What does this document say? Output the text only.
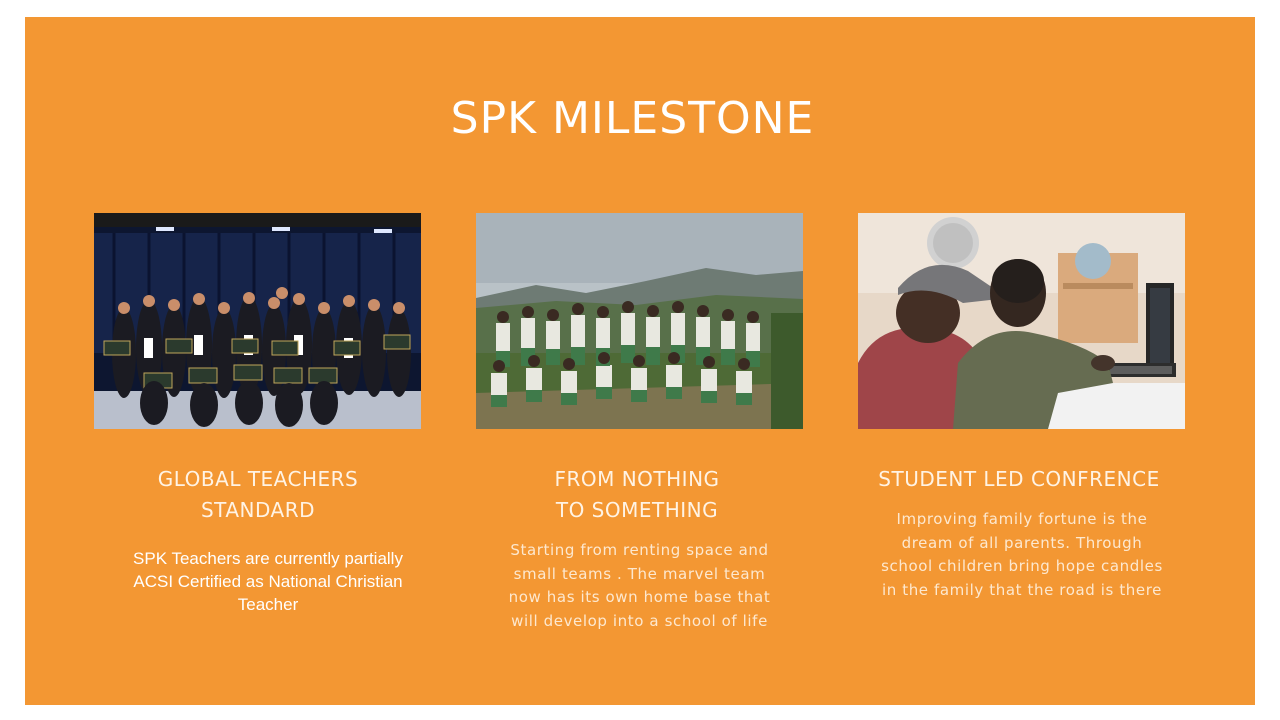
SPK MILESTONE
GLOBAL TEACHERS
STANDARD
FROM NOTHING
TO SOMETHING
STUDENT LED CONFRENCE
SPK Teachers are currently partially ACSI Certified as National Christian Teacher
Starting from renting space and small teams . The marvel team now has its own home base that will develop into a school of life
Improving family fortune is the dream of all parents. Through school children bring hope candles in the family that the road is there
